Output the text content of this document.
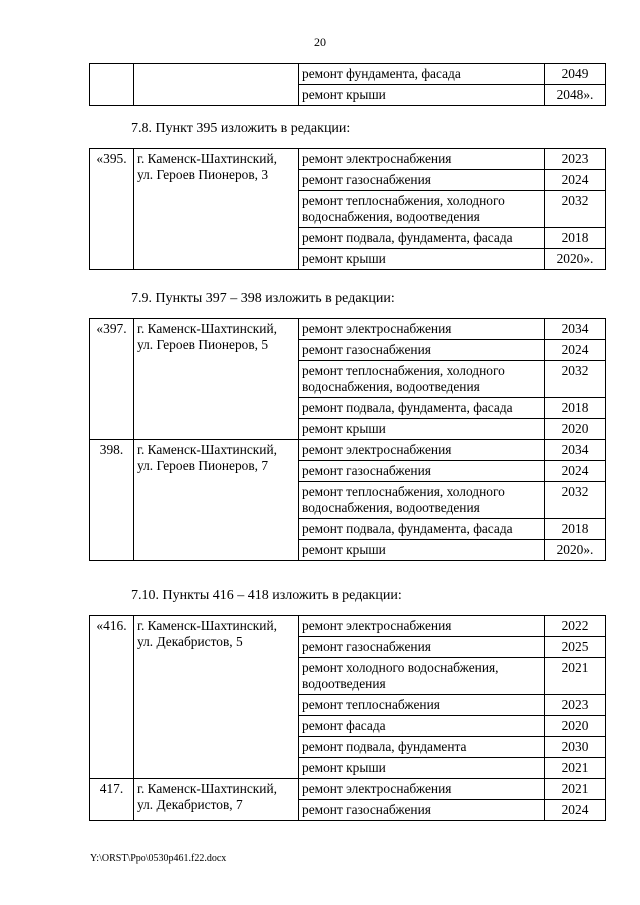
20
		ремонт фундамента, фасада	2049
		ремонт крыши	2048».
7.8. Пункт 395 изложить в редакции:
«395.	г. Каменск-Шахтинский, ул. Героев Пионеров, 3	ремонт электроснабжения	2023
		ремонт газоснабжения	2024
		ремонт теплоснабжения, холодного водоснабжения, водоотведения	2032
		ремонт подвала, фундамента, фасада	2018
		ремонт крыши	2020».
7.9. Пункты 397 – 398 изложить в редакции:
«397.	г. Каменск-Шахтинский, ул. Героев Пионеров, 5	ремонт электроснабжения	2034
		ремонт газоснабжения	2024
		ремонт теплоснабжения, холодного водоснабжения, водоотведения	2032
		ремонт подвала, фундамента, фасада	2018
		ремонт крыши	2020
398.	г. Каменск-Шахтинский, ул. Героев Пионеров, 7	ремонт электроснабжения	2034
		ремонт газоснабжения	2024
		ремонт теплоснабжения, холодного водоснабжения, водоотведения	2032
		ремонт подвала, фундамента, фасада	2018
		ремонт крыши	2020».
7.10. Пункты 416 – 418 изложить в редакции:
«416.	г. Каменск-Шахтинский, ул. Декабристов, 5	ремонт электроснабжения	2022
		ремонт газоснабжения	2025
		ремонт холодного водоснабжения, водоотведения	2021
		ремонт теплоснабжения	2023
		ремонт фасада	2020
		ремонт подвала, фундамента	2030
		ремонт крыши	2021
417.	г. Каменск-Шахтинский, ул. Декабристов, 7	ремонт электроснабжения	2021
		ремонт газоснабжения	2024
Y:\ORST\Ppo\0530p461.f22.docx
